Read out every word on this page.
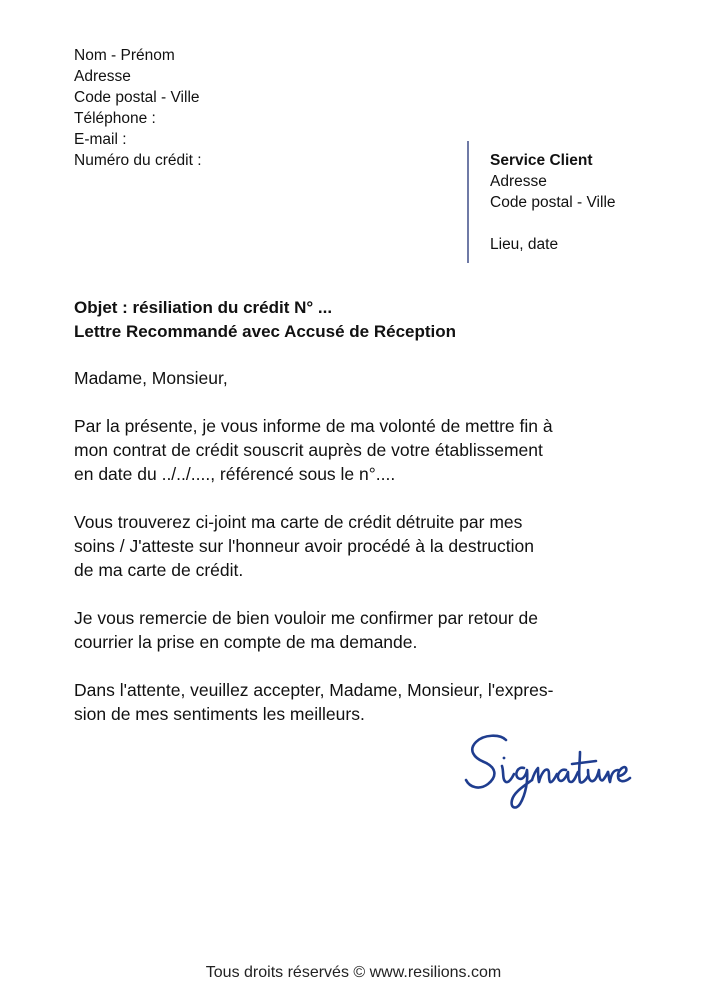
Nom - Prénom
Adresse
Code postal - Ville
Téléphone :
E-mail :
Numéro du crédit :	Service Client
Adresse
Code postal - Ville
Lieu, date
Objet : résiliation du crédit N° ...
Lettre Recommandé avec Accusé de Réception

Madame, Monsieur,

Par la présente, je vous informe de ma volonté de mettre fin à
mon contrat de crédit souscrit auprès de votre établissement
en date du ../../...., référencé sous le n°....

Vous trouverez ci-joint ma carte de crédit détruite par mes
soins / J'atteste sur l'honneur avoir procédé à la destruction
de ma carte de crédit.

Je vous remercie de bien vouloir me confirmer par retour de
courrier la prise en compte de ma demande.

Dans l'attente, veuillez accepter, Madame, Monsieur, l'expres-
sion de mes sentiments les meilleurs.

Tous droits réservés © www.resilions.com
